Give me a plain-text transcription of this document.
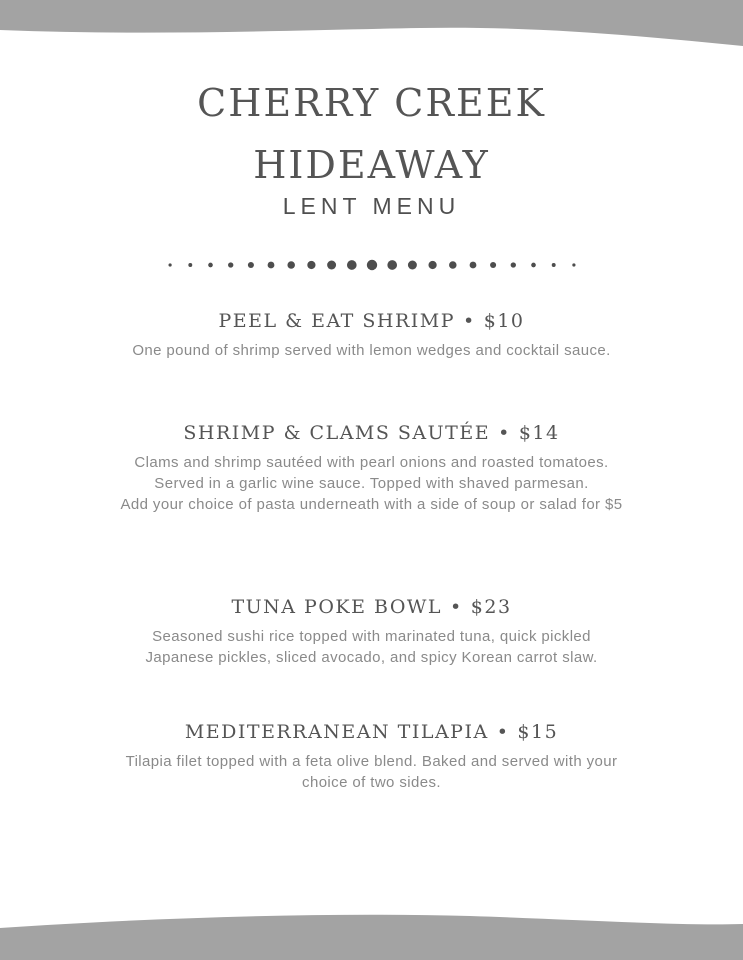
CHERRY CREEK
HIDEAWAY
LENT MENU

PEEL & EAT SHRIMP • $10

One pound of shrimp served with lemon wedges and cocktail sauce.

SHRIMP & CLAMS SAUTÉE • $14

Clams and shrimp sautéed with pearl onions and roasted tomatoes. Served in a garlic wine sauce. Topped with shaved parmesan.
Add your choice of pasta underneath with a side of soup or salad for $5

TUNA POKE BOWL • $23

Seasoned sushi rice topped with marinated tuna, quick pickled Japanese pickles, sliced avocado, and spicy Korean carrot slaw.

MEDITERRANEAN TILAPIA • $15

Tilapia filet topped with a feta olive blend. Baked and served with your choice of two sides.
